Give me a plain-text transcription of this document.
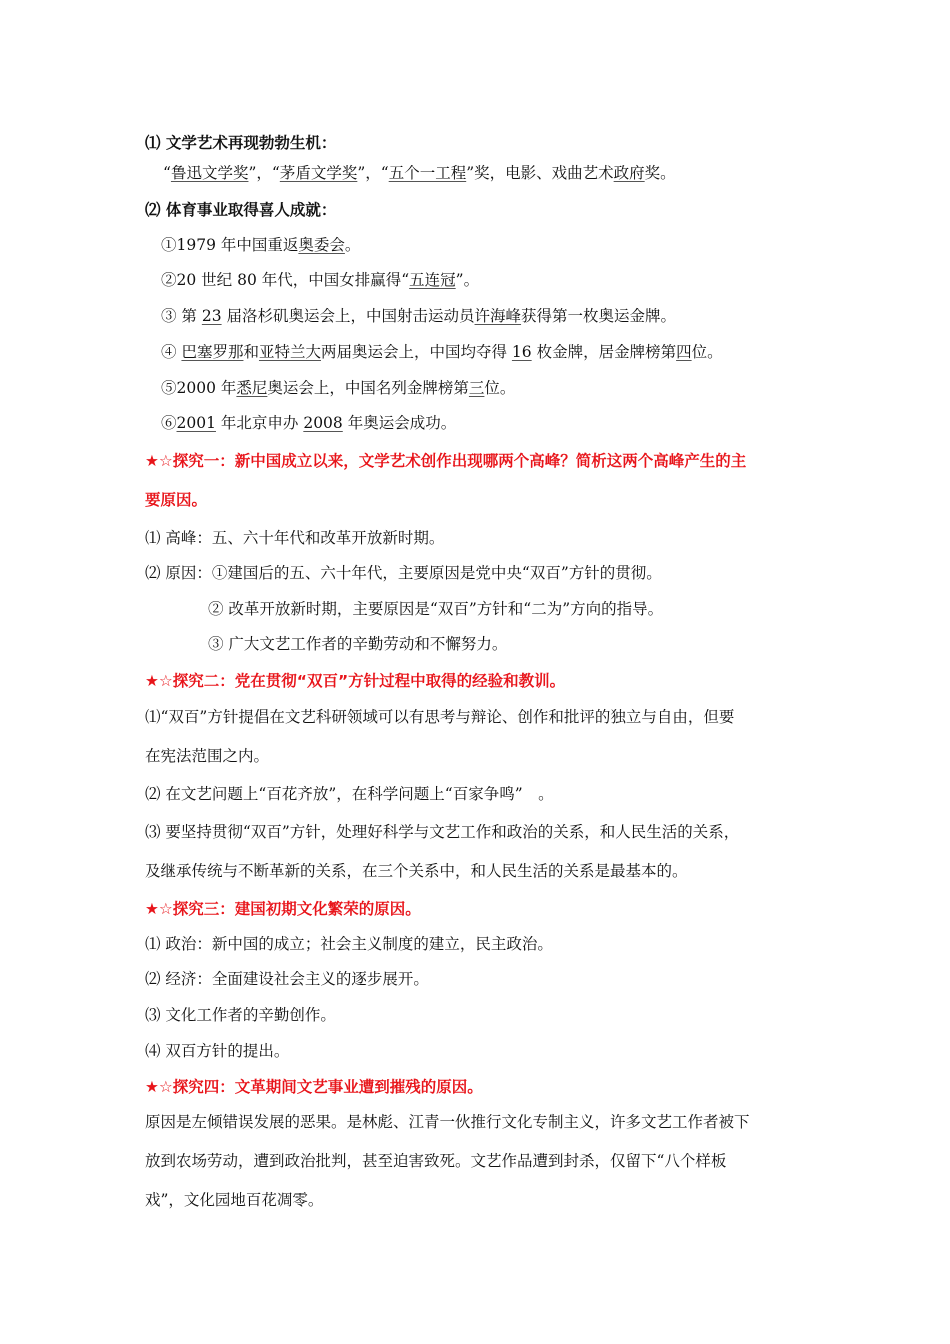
⑴ 文学艺术再现勃勃生机：
“鲁迅文学奖”，“茅盾文学奖”，“五个一工程”奖，电影、戏曲艺术政府奖。
⑵ 体育事业取得喜人成就：
①1979 年中国重返奥委会。
②20 世纪 80 年代，中国女排赢得“五连冠”。
③ 第 23 届洛杉矶奥运会上，中国射击运动员许海峰获得第一枚奥运金牌。
④ 巴塞罗那和亚特兰大两届奥运会上，中国均夺得 16 枚金牌，居金牌榜第四位。
⑤2000 年悉尼奥运会上，中国名列金牌榜第三位。
⑥2001 年北京申办 2008 年奥运会成功。
★☆探究一：新中国成立以来，文学艺术创作出现哪两个高峰？简析这两个高峰产生的主
要原因。
⑴ 高峰：五、六十年代和改革开放新时期。
⑵ 原因：①建国后的五、六十年代，主要原因是党中央“双百”方针的贯彻。
② 改革开放新时期，主要原因是“双百”方针和“二为”方向的指导。
③ 广大文艺工作者的辛勤劳动和不懈努力。
★☆探究二：党在贯彻“双百”方针过程中取得的经验和教训。
⑴“双百”方针提倡在文艺科研领域可以有思考与辩论、创作和批评的独立与自由，但要
在宪法范围之内。
⑵ 在文艺问题上“百花齐放”，在科学问题上“百家争鸣”　。
⑶ 要坚持贯彻“双百”方针，处理好科学与文艺工作和政治的关系，和人民生活的关系，
及继承传统与不断革新的关系，在三个关系中，和人民生活的关系是最基本的。
★☆探究三：建国初期文化繁荣的原因。
⑴ 政治：新中国的成立；社会主义制度的建立，民主政治。
⑵ 经济：全面建设社会主义的逐步展开。
⑶ 文化工作者的辛勤创作。
⑷ 双百方针的提出。
★☆探究四：文革期间文艺事业遭到摧残的原因。
原因是左倾错误发展的恶果。是林彪、江青一伙推行文化专制主义，许多文艺工作者被下
放到农场劳动，遭到政治批判，甚至迫害致死。文艺作品遭到封杀，仅留下“八个样板
戏”，文化园地百花凋零。
